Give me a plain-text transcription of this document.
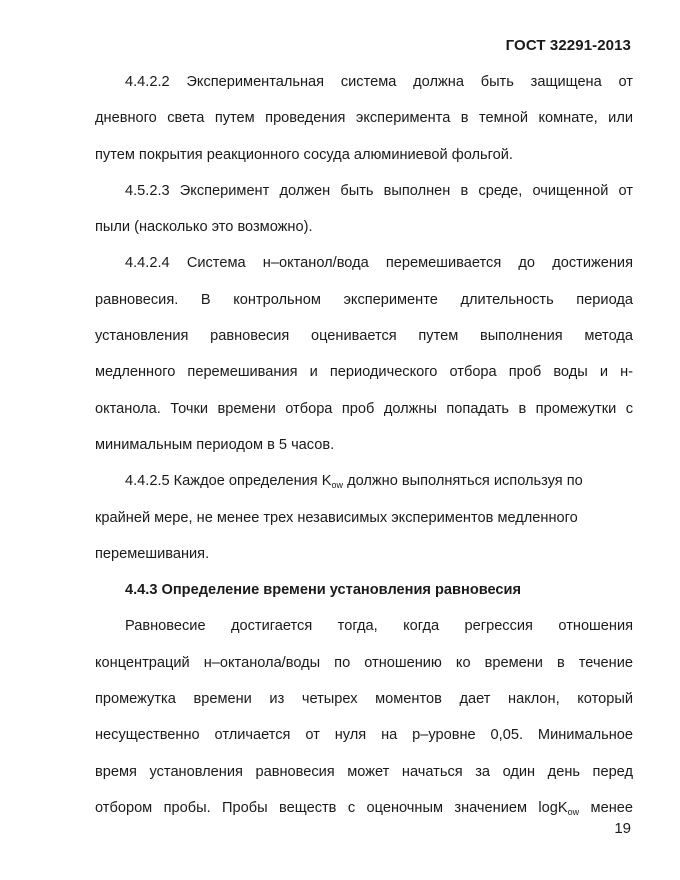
ГОСТ 32291-2013
4.4.2.2 Экспериментальная система должна быть защищена от
дневного света путем проведения эксперимента в темной комнате, или
путем покрытия реакционного сосуда алюминиевой фольгой.
4.5.2.3 Эксперимент должен быть выполнен в среде, очищенной от
пыли (насколько это возможно).
4.4.2.4 Система н–октанол/вода перемешивается до достижения
равновесия. В контрольном эксперименте длительность периода
установления равновесия оценивается путем выполнения метода
медленного перемешивания и периодического отбора проб воды и н-
октанола. Точки времени отбора проб должны попадать в промежутки с
минимальным периодом в 5 часов.
4.4.2.5 Каждое определения $K_{ow}$ должно выполняться используя по
крайней мере, не менее трех независимых экспериментов медленного
перемешивания.
4.4.3 Определение времени установления равновесия
Равновесие достигается тогда, когда регрессия отношения
концентраций н–октанола/воды по отношению ко времени в течение
промежутка времени из четырех моментов дает наклон, который
несущественно отличается от нуля на p–уровне 0,05. Минимальное
время установления равновесия может начаться за один день перед
отбором пробы. Пробы веществ с оценочным значением logK$_{ow}$ менее
19
